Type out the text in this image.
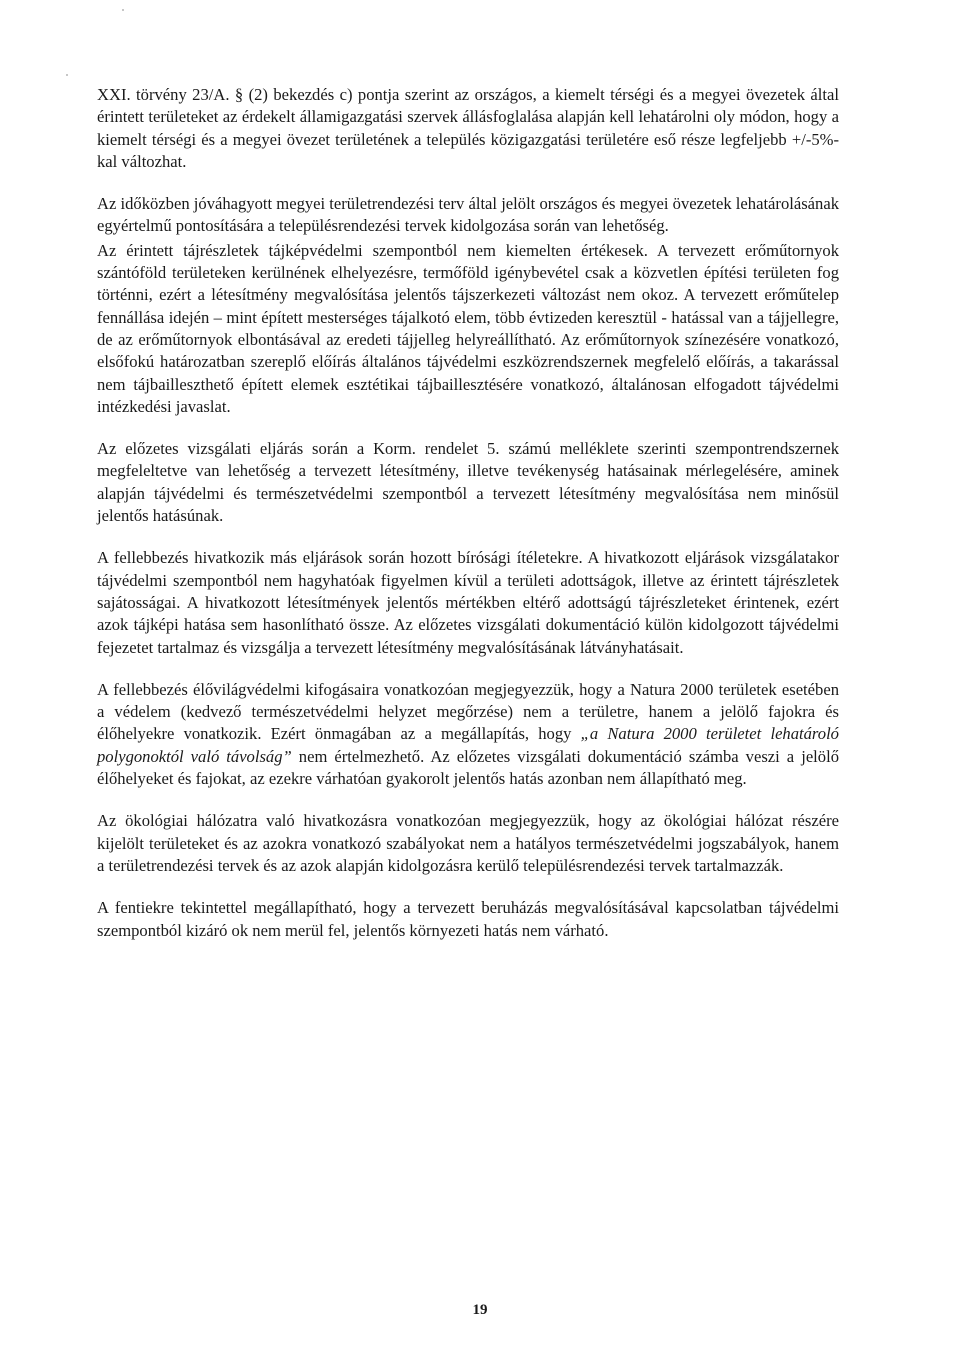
XXI. törvény 23/A. § (2) bekezdés c) pontja szerint az országos, a kiemelt térségi és a megyei övezetek által érintett területeket az érdekelt államigazgatási szervek állásfoglalása alapján kell lehatárolni oly módon, hogy a kiemelt térségi és a megyei övezet területének a település közigazgatási területére eső része legfeljebb +/-5%-kal változhat.

Az időközben jóváhagyott megyei területrendezési terv által jelölt országos és megyei övezetek lehatárolásának egyértelmű pontosítására a településrendezési tervek kidolgozása során van lehetőség.

Az érintett tájrészletek tájképvédelmi szempontból nem kiemelten értékesek. A tervezett erőműtornyok szántóföld területeken kerülnének elhelyezésre, termőföld igénybevétel csak a közvetlen építési területen fog történni, ezért a létesítmény megvalósítása jelentős tájszerkezeti változást nem okoz. A tervezett erőműtelep fennállása idején – mint épített mesterséges tájalkotó elem, több évtizeden keresztül - hatással van a tájjellegre, de az erőműtornyok elbontásával az eredeti tájjelleg helyreállítható. Az erőműtornyok színezésére vonatkozó, elsőfokú határozatban szereplő előírás általános tájvédelmi eszközrendszernek megfelelő előírás, a takarással nem tájbailleszthető épített elemek esztétikai tájbaillesztésére vonatkozó, általánosan elfogadott tájvédelmi intézkedési javaslat.

Az előzetes vizsgálati eljárás során a Korm. rendelet 5. számú melléklete szerinti szempontrendszernek megfeleltetve van lehetőség a tervezett létesítmény, illetve tevékenység hatásainak mérlegelésére, aminek alapján tájvédelmi és természetvédelmi szempontból a tervezett létesítmény megvalósítása nem minősül jelentős hatásúnak.

A fellebbezés hivatkozik más eljárások során hozott bírósági ítéletekre. A hivatkozott eljárások vizsgálatakor tájvédelmi szempontból nem hagyhatóak figyelmen kívül a területi adottságok, illetve az érintett tájrészletek sajátosságai. A hivatkozott létesítmények jelentős mértékben eltérő adottságú tájrészleteket érintenek, ezért azok tájképi hatása sem hasonlítható össze. Az előzetes vizsgálati dokumentáció külön kidolgozott tájvédelmi fejezetet tartalmaz és vizsgálja a tervezett létesítmény megvalósításának látványhatásait.

A fellebbezés élővilágvédelmi kifogásaira vonatkozóan megjegyezzük, hogy a Natura 2000 területek esetében a védelem (kedvező természetvédelmi helyzet megőrzése) nem a területre, hanem a jelölő fajokra és élőhelyekre vonatkozik. Ezért önmagában az a megállapítás, hogy „a Natura 2000 területet lehatároló polygonoktól való távolság” nem értelmezhető. Az előzetes vizsgálati dokumentáció számba veszi a jelölő élőhelyeket és fajokat, az ezekre várhatóan gyakorolt jelentős hatás azonban nem állapítható meg.

Az ökológiai hálózatra való hivatkozásra vonatkozóan megjegyezzük, hogy az ökológiai hálózat részére kijelölt területeket és az azokra vonatkozó szabályokat nem a hatályos természetvédelmi jogszabályok, hanem a területrendezési tervek és az azok alapján kidolgozásra kerülő településrendezési tervek tartalmazzák.

A fentiekre tekintettel megállapítható, hogy a tervezett beruházás megvalósításával kapcsolatban tájvédelmi szempontból kizáró ok nem merül fel, jelentős környezeti hatás nem várható.

19
